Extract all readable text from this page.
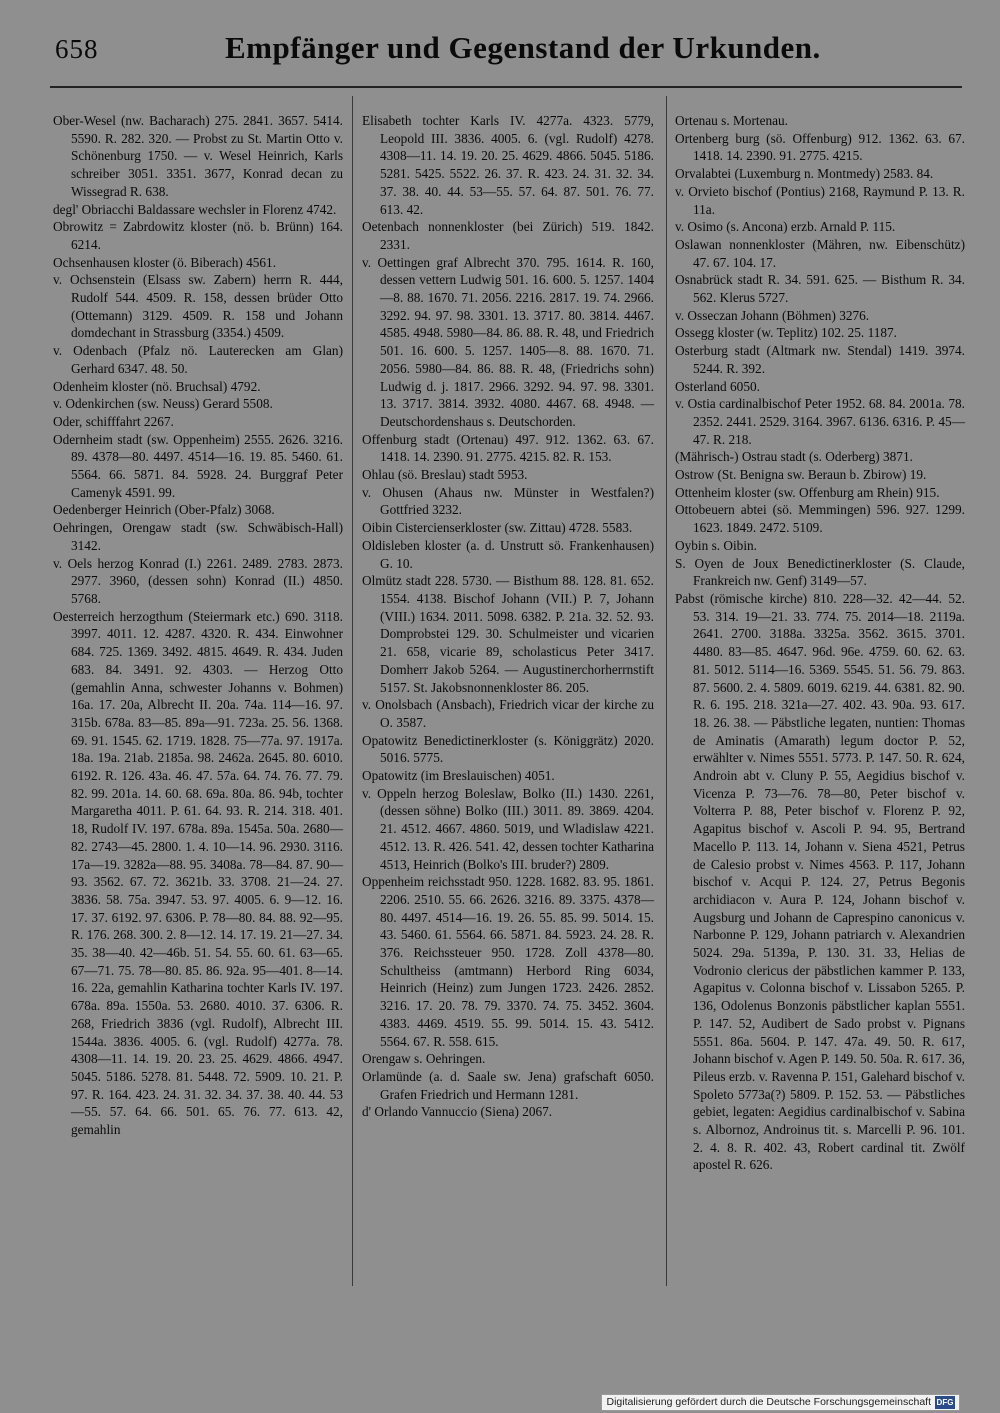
658	Empfänger und Gegenstand der Urkunden.

Ober-Wesel (nw. Bacharach) 275. 2841. 3657. 5414. 5590. R. 282. 320. — Probst zu St. Martin Otto v. Schönenburg 1750. — v. Wesel Heinrich, Karls schreiber 3051. 3351. 3677, Konrad decan zu Wissegrad R. 638.

degl' Obriacchi Baldassare wechsler in Florenz 4742.

Obrowitz = Zabrdowitz kloster (nö. b. Brünn) 164. 6214.

Ochsenhausen kloster (ö. Biberach) 4561.

v. Ochsenstein (Elsass sw. Zabern) herrn R. 444, Rudolf 544. 4509. R. 158, dessen brüder Otto (Ottemann) 3129. 4509. R. 158 und Johann domdechant in Strassburg (3354.) 4509.

v. Odenbach (Pfalz nö. Lauterecken am Glan) Gerhard 6347. 48. 50.

Odenheim kloster (nö. Bruchsal) 4792.

v. Odenkirchen (sw. Neuss) Gerard 5508.

Oder, schifffahrt 2267.

Odernheim stadt (sw. Oppenheim) 2555. 2626. 3216. 89. 4378—80. 4497. 4514—16. 19. 85. 5460. 61. 5564. 66. 5871. 84. 5928. 24. Burggraf Peter Camenyk 4591. 99.

Oedenberger Heinrich (Ober-Pfalz) 3068.

Oehringen, Orengaw stadt (sw. Schwäbisch-Hall) 3142.

v. Oels herzog Konrad (I.) 2261. 2489. 2783. 2873. 2977. 3960, (dessen sohn) Konrad (II.) 4850. 5768.

Oesterreich herzogthum (Steiermark etc.) 690. 3118. 3997. 4011. 12. 4287. 4320. R. 434. Einwohner 684. 725. 1369. 3492. 4815. 4649. R. 434. Juden 683. 84. 3491. 92. 4303. — Herzog Otto (gemahlin Anna, schwester Johanns v. Bohmen) 16a. 17. 20a, Albrecht II. 20a. 74a. 114—16. 97. 315b. 678a. 83—85. 89a—91. 723a. 25. 56. 1368. 69. 91. 1545. 62. 1719. 1828. 75—77a. 97. 1917a. 18a. 19a. 21ab. 2185a. 98. 2462a. 2645. 80. 6010. 6192. R. 126. 43a. 46. 47. 57a. 64. 74. 76. 77. 79. 82. 99. 201a. 14. 60. 68. 69a. 80a. 86. 94b, tochter Margaretha 4011. P. 61. 64. 93. R. 214. 318. 401. 18, Rudolf IV. 197. 678a. 89a. 1545a. 50a. 2680—82. 2743—45. 2800. 1. 4. 10—14. 96. 2930. 3116. 17a—19. 3282a—88. 95. 3408a. 78—84. 87. 90—93. 3562. 67. 72. 3621b. 33. 3708. 21—24. 27. 3836. 58. 75a. 3947. 53. 97. 4005. 6. 9—12. 16. 17. 37. 6192. 97. 6306. P. 78—80. 84. 88. 92—95. R. 176. 268. 300. 2. 8—12. 14. 17. 19. 21—27. 34. 35. 38—40. 42—46b. 51. 54. 55. 60. 61. 63—65. 67—71. 75. 78—80. 85. 86. 92a. 95—401. 8—14. 16. 22a, gemahlin Katharina tochter Karls IV. 197. 678a. 89a. 1550a. 53. 2680. 4010. 37. 6306. R. 268, Friedrich 3836 (vgl. Rudolf), Albrecht III. 1544a. 3836. 4005. 6. (vgl. Rudolf) 4277a. 78. 4308—11. 14. 19. 20. 23. 25. 4629. 4866. 4947. 5045. 5186. 5278. 81. 5448. 72. 5909. 10. 21. P. 97. R. 164. 423. 24. 31. 32. 34. 37. 38. 40. 44. 53—55. 57. 64. 66. 501. 65. 76. 77. 613. 42, gemahlin

Elisabeth tochter Karls IV. 4277a. 4323. 5779, Leopold III. 3836. 4005. 6. (vgl. Rudolf) 4278. 4308—11. 14. 19. 20. 25. 4629. 4866. 5045. 5186. 5281. 5425. 5522. 26. 37. R. 423. 24. 31. 32. 34. 37. 38. 40. 44. 53—55. 57. 64. 87. 501. 76. 77. 613. 42.

Oetenbach nonnenkloster (bei Zürich) 519. 1842. 2331.

v. Oettingen graf Albrecht 370. 795. 1614. R. 160, dessen vettern Ludwig 501. 16. 600. 5. 1257. 1404—8. 88. 1670. 71. 2056. 2216. 2817. 19. 74. 2966. 3292. 94. 97. 98. 3301. 13. 3717. 80. 3814. 4467. 4585. 4948. 5980—84. 86. 88. R. 48, und Friedrich 501. 16. 600. 5. 1257. 1405—8. 88. 1670. 71. 2056. 5980—84. 86. 88. R. 48, (Friedrichs sohn) Ludwig d. j. 1817. 2966. 3292. 94. 97. 98. 3301. 13. 3717. 3814. 3932. 4080. 4467. 68. 4948. — Deutschordenshaus s. Deutschorden.

Offenburg stadt (Ortenau) 497. 912. 1362. 63. 67. 1418. 14. 2390. 91. 2775. 4215. 82. R. 153.

Ohlau (sö. Breslau) stadt 5953.

v. Ohusen (Ahaus nw. Münster in Westfalen?) Gottfried 3232.

Oibin Cistercienserkloster (sw. Zittau) 4728. 5583.

Oldisleben kloster (a. d. Unstrutt sö. Frankenhausen) G. 10.

Olmütz stadt 228. 5730. — Bisthum 88. 128. 81. 652. 1554. 4138. Bischof Johann (VII.) P. 7, Johann (VIII.) 1634. 2011. 5098. 6382. P. 21a. 32. 52. 93. Domprobstei 129. 30. Schulmeister und vicarien 21. 658, vicarie 89, scholasticus Peter 3417. Domherr Jakob 5264. — Augustinerchorherrnstift 5157. St. Jakobsnonnenkloster 86. 205.

v. Onolsbach (Ansbach), Friedrich vicar der kirche zu O. 3587.

Opatowitz Benedictinerkloster (s. Königgrätz) 2020. 5016. 5775.

Opatowitz (im Breslauischen) 4051.

v. Oppeln herzog Boleslaw, Bolko (II.) 1430. 2261, (dessen söhne) Bolko (III.) 3011. 89. 3869. 4204. 21. 4512. 4667. 4860. 5019, und Wladislaw 4221. 4512. 13. R. 426. 541. 42, dessen tochter Katharina 4513, Heinrich (Bolko's III. bruder?) 2809.

Oppenheim reichsstadt 950. 1228. 1682. 83. 95. 1861. 2206. 2510. 55. 66. 2626. 3216. 89. 3375. 4378—80. 4497. 4514—16. 19. 26. 55. 85. 99. 5014. 15. 43. 5460. 61. 5564. 66. 5871. 84. 5923. 24. 28. R. 376. Reichssteuer 950. 1728. Zoll 4378—80. Schultheiss (amtmann) Herbord Ring 6034, Heinrich (Heinz) zum Jungen 1723. 2426. 2852. 3216. 17. 20. 78. 79. 3370. 74. 75. 3452. 3604. 4383. 4469. 4519. 55. 99. 5014. 15. 43. 5412. 5564. 67. R. 558. 615.

Orengaw s. Oehringen.

Orlamünde (a. d. Saale sw. Jena) grafschaft 6050. Grafen Friedrich und Hermann 1281.

d' Orlando Vannuccio (Siena) 2067.

Ortenau s. Mortenau.

Ortenberg burg (sö. Offenburg) 912. 1362. 63. 67. 1418. 14. 2390. 91. 2775. 4215.

Orvalabtei (Luxemburg n. Montmedy) 2583. 84.

v. Orvieto bischof (Pontius) 2168, Raymund P. 13. R. 11a.

v. Osimo (s. Ancona) erzb. Arnald P. 115.

Oslawan nonnenkloster (Mähren, nw. Eibenschütz) 47. 67. 104. 17.

Osnabrück stadt R. 34. 591. 625. — Bisthum R. 34. 562. Klerus 5727.

v. Osseczan Johann (Böhmen) 3276.

Ossegg kloster (w. Teplitz) 102. 25. 1187.

Osterburg stadt (Altmark nw. Stendal) 1419. 3974. 5244. R. 392.

Osterland 6050.

v. Ostia cardinalbischof Peter 1952. 68. 84. 2001a. 78. 2352. 2441. 2529. 3164. 3967. 6136. 6316. P. 45—47. R. 218.

(Mährisch-) Ostrau stadt (s. Oderberg) 3871.

Ostrow (St. Benigna sw. Beraun b. Zbirow) 19.

Ottenheim kloster (sw. Offenburg am Rhein) 915.

Ottobeuern abtei (sö. Memmingen) 596. 927. 1299. 1623. 1849. 2472. 5109.

Oybin s. Oibin.

S. Oyen de Joux Benedictinerkloster (S. Claude, Frankreich nw. Genf) 3149—57.

Pabst (römische kirche) 810. 228—32. 42—44. 52. 53. 314. 19—21. 33. 774. 75. 2014—18. 2119a. 2641. 2700. 3188a. 3325a. 3562. 3615. 3701. 4480. 83—85. 4647. 96d. 96e. 4759. 60. 62. 63. 81. 5012. 5114—16. 5369. 5545. 51. 56. 79. 863. 87. 5600. 2. 4. 5809. 6019. 6219. 44. 6381. 82. 90. R. 6. 195. 218. 321a—27. 402. 43. 90a. 93. 617. 18. 26. 38. — Päbstliche legaten, nuntien: Thomas de Aminatis (Amarath) legum doctor P. 52, erwählter v. Nimes 5551. 5773. P. 147. 50. R. 624, Androin abt v. Cluny P. 55, Aegidius bischof v. Vicenza P. 73—76. 78—80, Peter bischof v. Volterra P. 88, Peter bischof v. Florenz P. 92, Agapitus bischof v. Ascoli P. 94. 95, Bertrand Macello P. 113. 14, Johann v. Siena 4521, Petrus de Calesio probst v. Nimes 4563. P. 117, Johann bischof v. Acqui P. 124. 27, Petrus Begonis archidiacon v. Aura P. 124, Johann bischof v. Augsburg und Johann de Caprespino canonicus v. Narbonne P. 129, Johann patriarch v. Alexandrien 5024. 29a. 5139a, P. 130. 31. 33, Helias de Vodronio clericus der päbstlichen kammer P. 133, Agapitus v. Colonna bischof v. Lissabon 5265. P. 136, Odolenus Bonzonis päbstlicher kaplan 5551. P. 147. 52, Audibert de Sado probst v. Pignans 5551. 86a. 5604. P. 147. 47a. 49. 50. R. 617, Johann bischof v. Agen P. 149. 50. 50a. R. 617. 36, Pileus erzb. v. Ravenna P. 151, Galehard bischof v. Spoleto 5773a(?) 5809. P. 152. 53. — Päbstliches gebiet, legaten: Aegidius cardinalbischof v. Sabina s. Albornoz, Androinus tit. s. Marcelli P. 96. 101. 2. 4. 8. R. 402. 43, Robert cardinal tit. Zwölf apostel R. 626.

Digitalisierung gefördert durch die Deutsche Forschungsgemeinschaft DFG
